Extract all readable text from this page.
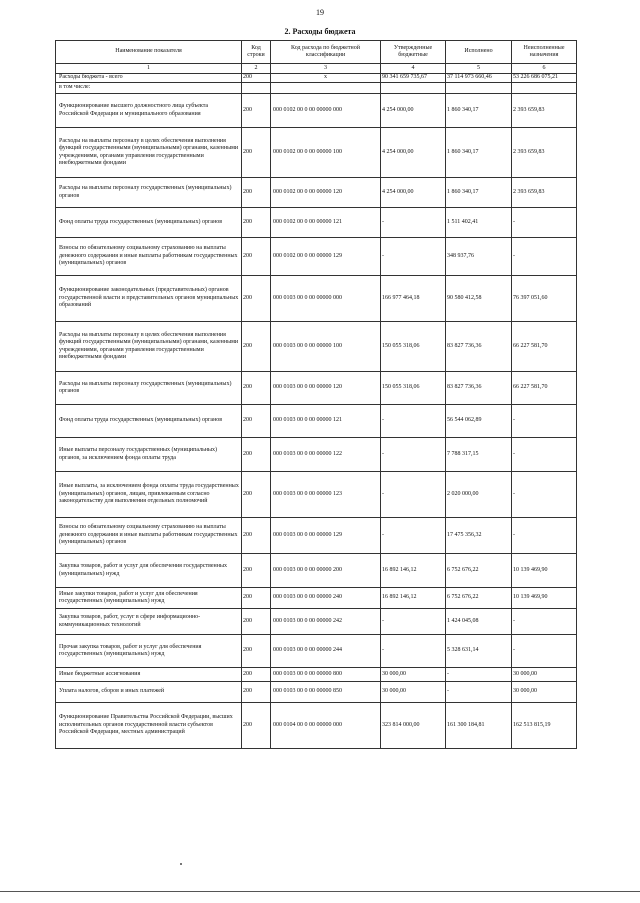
19
2. Расходы бюджета
Наименование показателя	Код строки	Код расхода по бюджетной классификации	Утвержденные бюджетные	Исполнено	Неисполненные назначения
1	2	3	4	5	6
Расходы бюджета - всего	200	х	90 341 659 735,67	37 114 973 660,46	53 226 686 075,21
в том числе:					
Функционирование высшего должностного лица субъекта Российской Федерации и муниципального образования	200	000 0102 00 0 00 00000 000	4 254 000,00	1 860 340,17	2 393 659,83
Расходы на выплаты персоналу в целях обеспечения выполнения функций государственными (муниципальными) органами, казенными учреждениями, органами управления государственными внебюджетными фондами	200	000 0102 00 0 00 00000 100	4 254 000,00	1 860 340,17	2 393 659,83
Расходы на выплаты персоналу государственных (муниципальных) органов	200	000 0102 00 0 00 00000 120	4 254 000,00	1 860 340,17	2 393 659,83
Фонд оплаты труда государственных (муниципальных) органов	200	000 0102 00 0 00 00000 121	-	1 511 402,41	-
Взносы по обязательному социальному страхованию на выплаты денежного содержания и иные выплаты работникам государственных (муниципальных) органов	200	000 0102 00 0 00 00000 129	-	348 937,76	-
Функционирование законодательных (представительных) органов государственной власти и представительных органов муниципальных образований	200	000 0103 00 0 00 00000 000	166 977 464,18	90 580 412,58	76 397 051,60
Расходы на выплаты персоналу в целях обеспечения выполнения функций государственными (муниципальными) органами, казенными учреждениями, органами управления государственными внебюджетными фондами	200	000 0103 00 0 00 00000 100	150 055 318,06	83 827 736,36	66 227 581,70
Расходы на выплаты персоналу государственных (муниципальных) органов	200	000 0103 00 0 00 00000 120	150 055 318,06	83 827 736,36	66 227 581,70
Фонд оплаты труда государственных (муниципальных) органов	200	000 0103 00 0 00 00000 121	-	56 544 062,89	-
Иные выплаты персоналу государственных (муниципальных) органов, за исключением фонда оплаты труда	200	000 0103 00 0 00 00000 122	-	7 788 317,15	-
Иные выплаты, за исключением фонда оплаты труда государственных (муниципальных) органов, лицам, привлекаемым согласно законодательству для выполнения отдельных полномочий	200	000 0103 00 0 00 00000 123	-	2 020 000,00	-
Взносы по обязательному социальному страхованию на выплаты денежного содержания и иные выплаты работникам государственных (муниципальных) органов	200	000 0103 00 0 00 00000 129	-	17 475 356,32	-
Закупка товаров, работ и услуг для обеспечения государственных (муниципальных) нужд	200	000 0103 00 0 00 00000 200	16 892 146,12	6 752 676,22	10 139 469,90
Иные закупки товаров, работ и услуг для обеспечения государственных (муниципальных) нужд	200	000 0103 00 0 00 00000 240	16 892 146,12	6 752 676,22	10 139 469,90
Закупка товаров, работ, услуг в сфере информационно-коммуникационных технологий	200	000 0103 00 0 00 00000 242	-	1 424 045,08	-
Прочая закупка товаров, работ и услуг для обеспечения государственных (муниципальных) нужд	200	000 0103 00 0 00 00000 244	-	5 328 631,14	-
Иные бюджетные ассигнования	200	000 0103 00 0 00 00000 800	30 000,00	-	30 000,00
Уплата налогов, сборов и иных платежей	200	000 0103 00 0 00 00000 850	30 000,00	-	30 000,00
Функционирование Правительства Российской Федерации, высших исполнительных органов государственной власти субъектов Российской Федерации, местных администраций	200	000 0104 00 0 00 00000 000	323 814 000,00	161 300 184,81	162 513 815,19
